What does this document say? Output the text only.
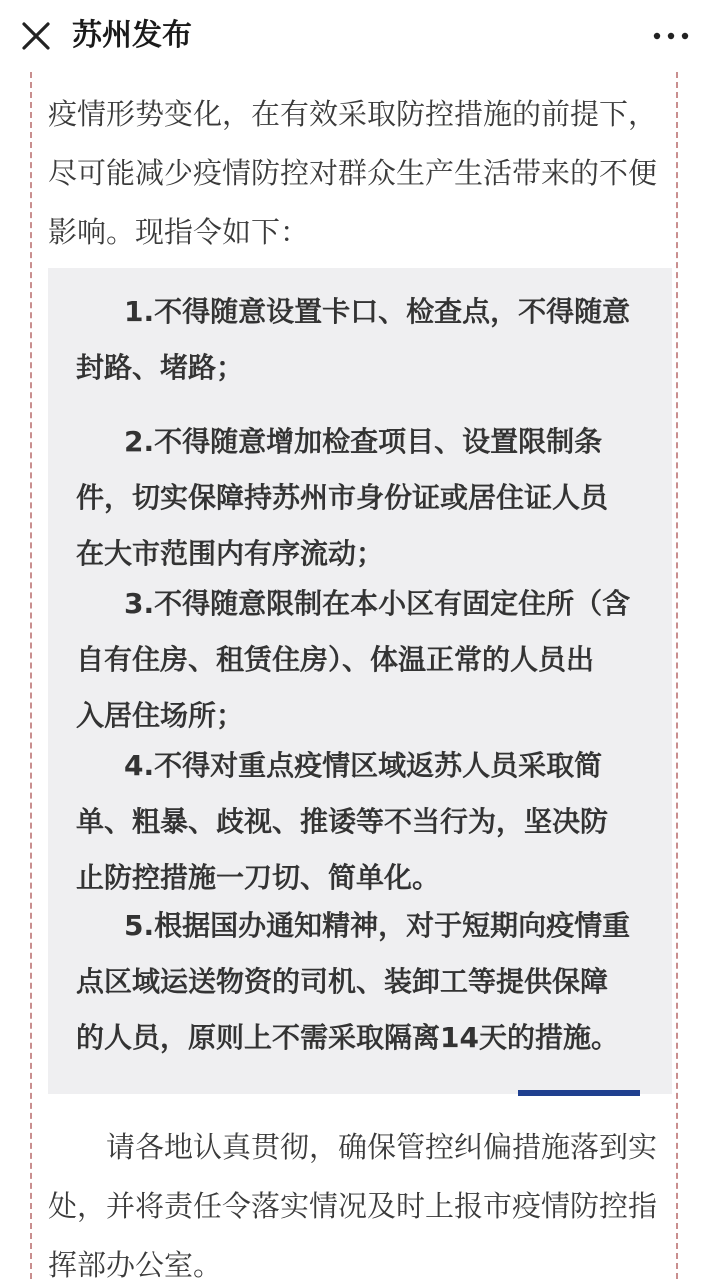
苏州发布
疫情形势变化，在有效采取防控措施的前提下，
尽可能减少疫情防控对群众生产生活带来的不便
影响。现指令如下：
1.不得随意设置卡口、检查点，不得随意
封路、堵路；
2.不得随意增加检查项目、设置限制条
件，切实保障持苏州市身份证或居住证人员
在大市范围内有序流动；
3.不得随意限制在本小区有固定住所（含
自有住房、租赁住房）、体温正常的人员出
入居住场所；
4.不得对重点疫情区域返苏人员采取简
单、粗暴、歧视、推诿等不当行为，坚决防
止防控措施一刀切、简单化。
5.根据国办通知精神，对于短期向疫情重
点区域运送物资的司机、装卸工等提供保障
的人员，原则上不需采取隔离14天的措施。
请各地认真贯彻，确保管控纠偏措施落到实
处，并将责任令落实情况及时上报市疫情防控指
挥部办公室。
